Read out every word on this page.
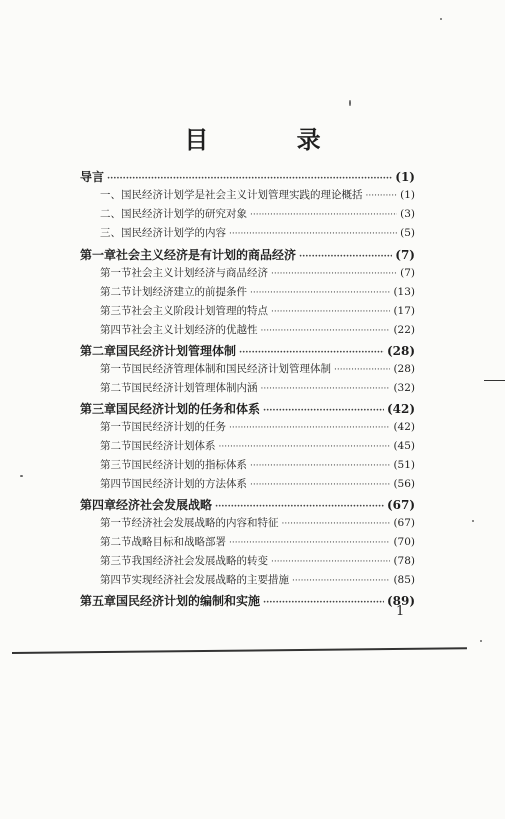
目 录
导言 ·····	(1)
一、国民经济计划学是社会主义计划管理实践的理论概括 ·····	(1)
二、国民经济计划学的研究对象 ·····	(3)
三、国民经济计划学的内容 ·····	(5)
第一章 社会主义经济是有计划的商品经济 ·····	(7)
第一节 社会主义计划经济与商品经济 ·····	(7)
第二节 计划经济建立的前提条件 ·····	(13)
第三节 社会主义阶段计划管理的特点 ·····	(17)
第四节 社会主义计划经济的优越性 ·····	(22)
第二章 国民经济计划管理体制 ·····	(28)
第一节 国民经济管理体制和国民经济计划管理体制 ·····	(28)
第二节 国民经济计划管理体制内涵 ·····	(32)
第三章 国民经济计划的任务和体系 ·····	(42)
第一节 国民经济计划的任务 ·····	(42)
第二节 国民经济计划体系 ·····	(45)
第三节 国民经济计划的指标体系 ·····	(51)
第四节 国民经济计划的方法体系 ·····	(56)
第四章 经济社会发展战略 ·····	(67)
第一节 经济社会发展战略的内容和特征 ·····	(67)
第二节 战略目标和战略部署 ·····	(70)
第三节 我国经济社会发展战略的转变 ·····	(78)
第四节 实现经济社会发展战略的主要措施 ·····	(85)
第五章 国民经济计划的编制和实施 ·····	(89)
1
